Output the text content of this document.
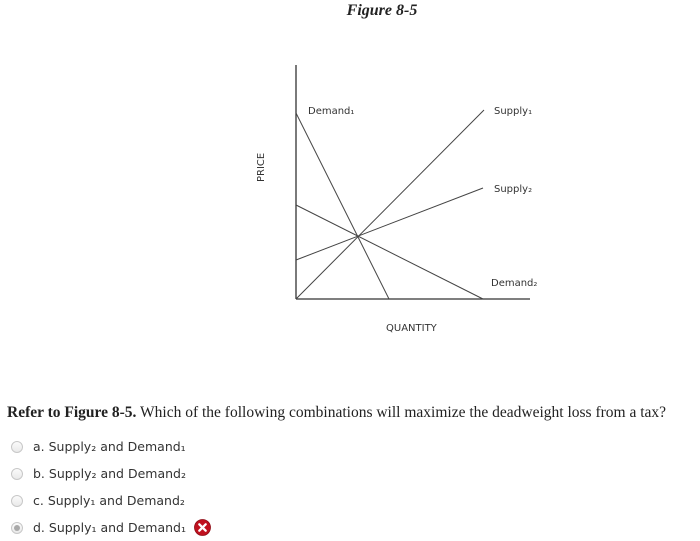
Figure 8-5
Demand₁	Supply₁
Supply₂
Demand₂
QUANTITY
PRICE
Refer to Figure 8-5. Which of the following combinations will maximize the deadweight loss from a tax?
a. Supply₂ and Demand₁
b. Supply₂ and Demand₂
c. Supply₁ and Demand₂
d. Supply₁ and Demand₁
